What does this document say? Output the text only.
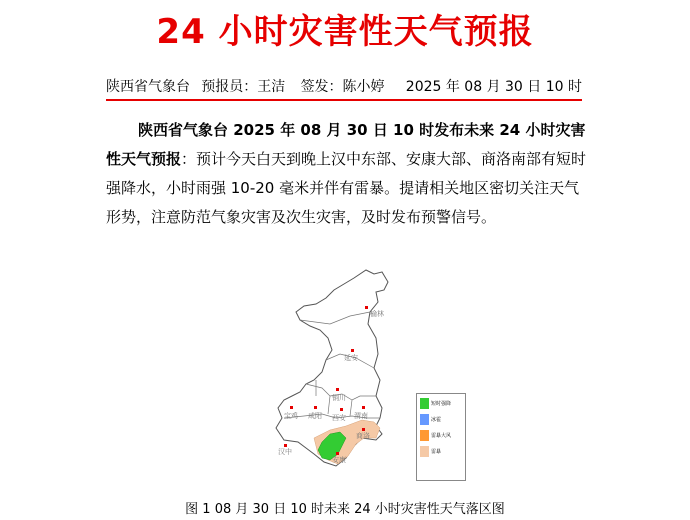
24 小时灾害性天气预报
陕西省气象台 预报员：王洁	签发：陈小婷	2025 年 08 月 30 日 10 时
陕西省气象台 2025 年 08 月 30 日 10 时发布未来 24 小时灾害性天气预报：预计今天白天到晚上汉中东部、安康大部、商洛南部有短时强降水，小时雨强 10-20 毫米并伴有雷暴。提请相关地区密切关注天气形势，注意防范气象灾害及次生灾害，及时发布预警信号。
榆林
延安
宝鸡 咸阳
铜川
西安 渭南
汉中
安康
商洛
短时强降
冰雹
雷暴大风
雷暴
图 1 08 月 30 日 10 时未来 24 小时灾害性天气落区图
